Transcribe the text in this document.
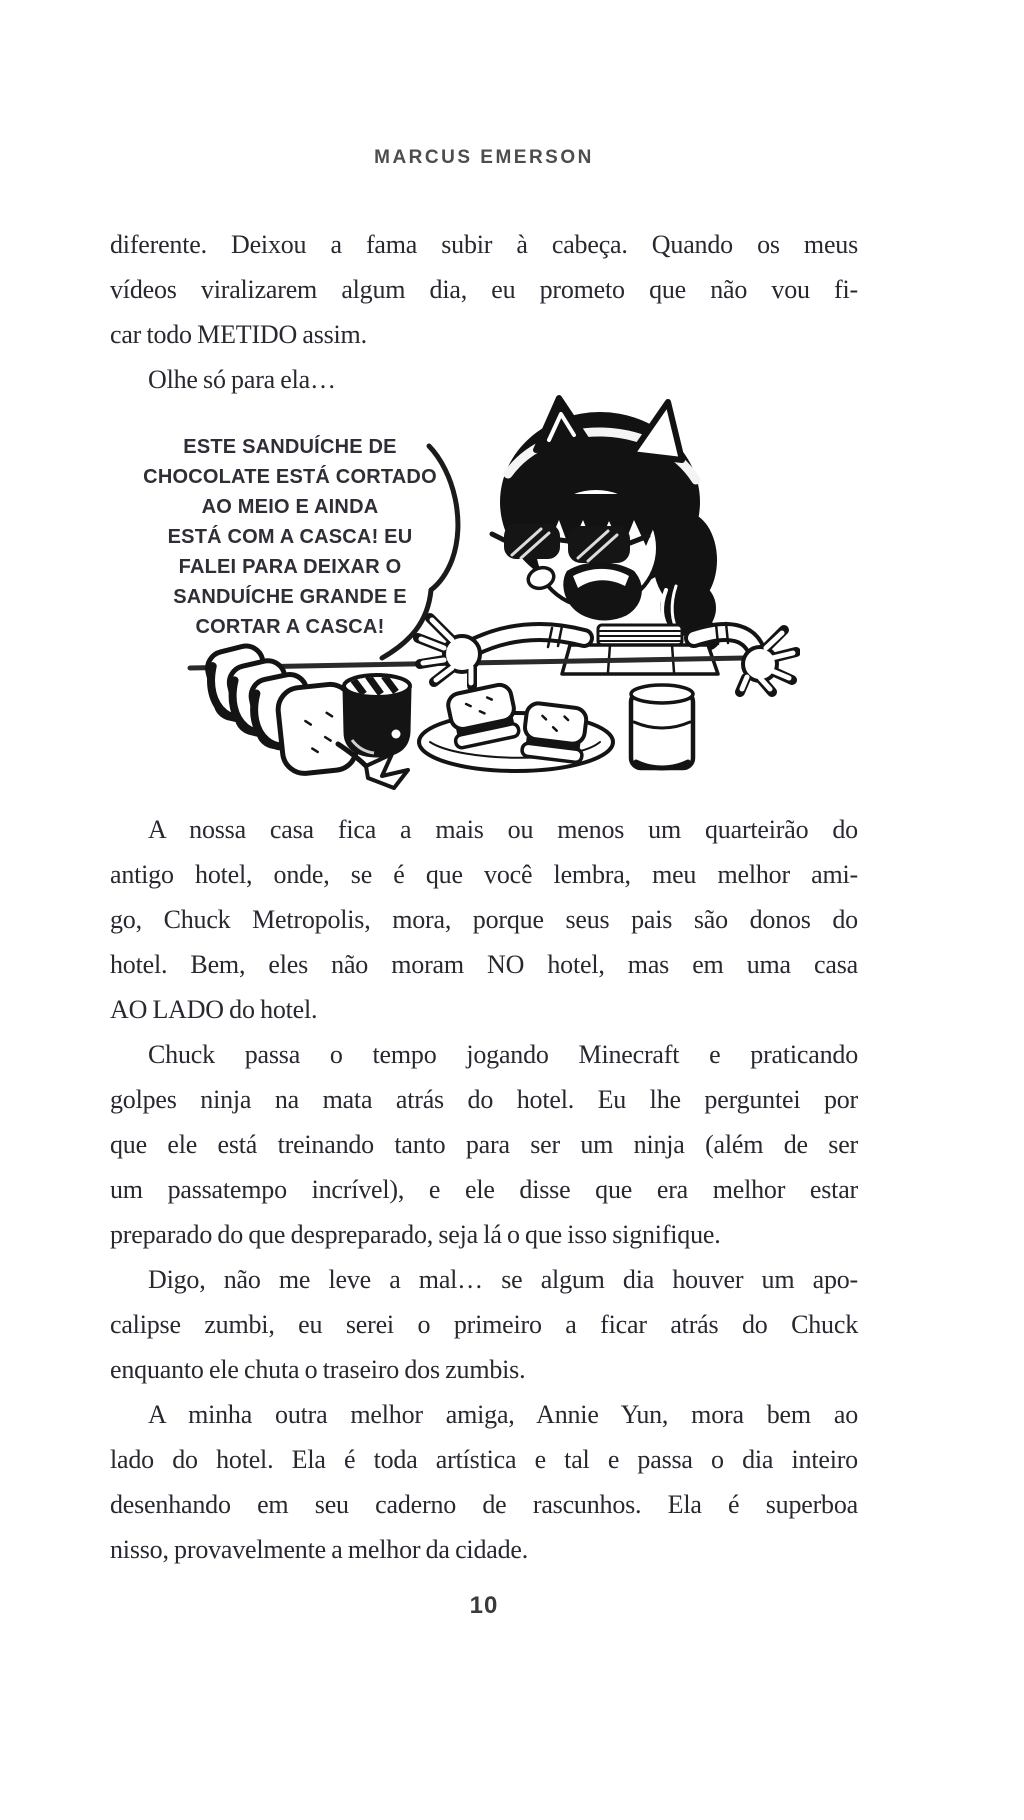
MARCUS EMERSON
diferente. Deixou a fama subir à cabeça. Quando os meus
vídeos viralizarem algum dia, eu prometo que não vou fi-
car todo METIDO assim.
Olhe só para ela…
ESTE SANDUÍCHE DE
CHOCOLATE ESTÁ CORTADO
AO MEIO E AINDA
ESTÁ COM A CASCA! EU
FALEI PARA DEIXAR O
SANDUÍCHE GRANDE E
CORTAR A CASCA!
A nossa casa fica a mais ou menos um quarteirão do
antigo hotel, onde, se é que você lembra, meu melhor ami-
go, Chuck Metropolis, mora, porque seus pais são donos do
hotel. Bem, eles não moram NO hotel, mas em uma casa
AO LADO do hotel.
Chuck passa o tempo jogando Minecraft e praticando
golpes ninja na mata atrás do hotel. Eu lhe perguntei por
que ele está treinando tanto para ser um ninja (além de ser
um passatempo incrível), e ele disse que era melhor estar
preparado do que despreparado, seja lá o que isso signifique.
Digo, não me leve a mal… se algum dia houver um apo-
calipse zumbi, eu serei o primeiro a ficar atrás do Chuck
enquanto ele chuta o traseiro dos zumbis.
A minha outra melhor amiga, Annie Yun, mora bem ao
lado do hotel. Ela é toda artística e tal e passa o dia inteiro
desenhando em seu caderno de rascunhos. Ela é superboa
nisso, provavelmente a melhor da cidade.
10
